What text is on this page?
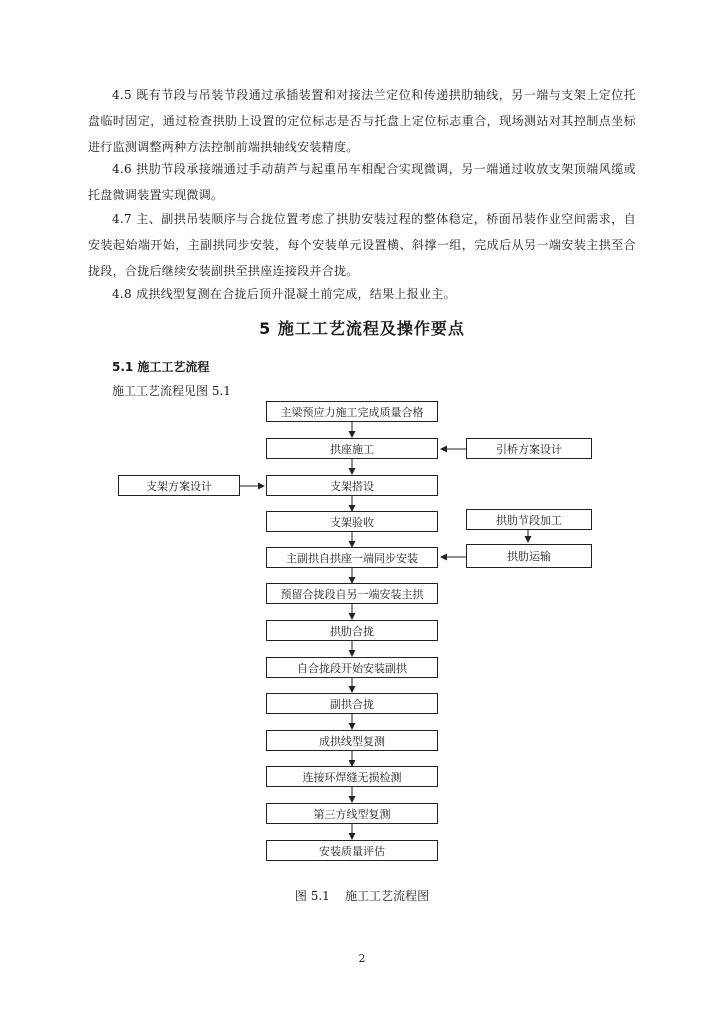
4.5 既有节段与吊装节段通过承插装置和对接法兰定位和传递拱肋轴线，另一端与支架上定位托盘临时固定，通过检查拱肋上设置的定位标志是否与托盘上定位标志重合，现场测站对其控制点坐标进行监测调整两种方法控制前端拱轴线安装精度。

4.6 拱肋节段承接端通过手动葫芦与起重吊车相配合实现微调，另一端通过收放支架顶端风缆或托盘微调装置实现微调。

4.7 主、副拱吊装顺序与合拢位置考虑了拱肋安装过程的整体稳定，桥面吊装作业空间需求，自安装起始端开始，主副拱同步安装，每个安装单元设置横、斜撑一组，完成后从另一端安装主拱至合拢段，合拢后继续安装副拱至拱座连接段并合拢。

4.8 成拱线型复测在合拢后顶升混凝土前完成，结果上报业主。

5 施工工艺流程及操作要点
5.1 施工工艺流程

施工工艺流程见图 5.1

主梁预应力施工完成质量合格
拱座施工
支架搭设
支架验收
主副拱自拱座一端同步安装
预留合拢段自另一端安装主拱
拱肋合拢
自合拢段开始安装副拱
副拱合拢
成拱线型复测
连接环焊缝无损检测
第三方线型复测
安装质量评估
引桥方案设计
支架方案设计
拱肋节段加工
拱肋运输

图 5.1    施工工艺流程图

2
